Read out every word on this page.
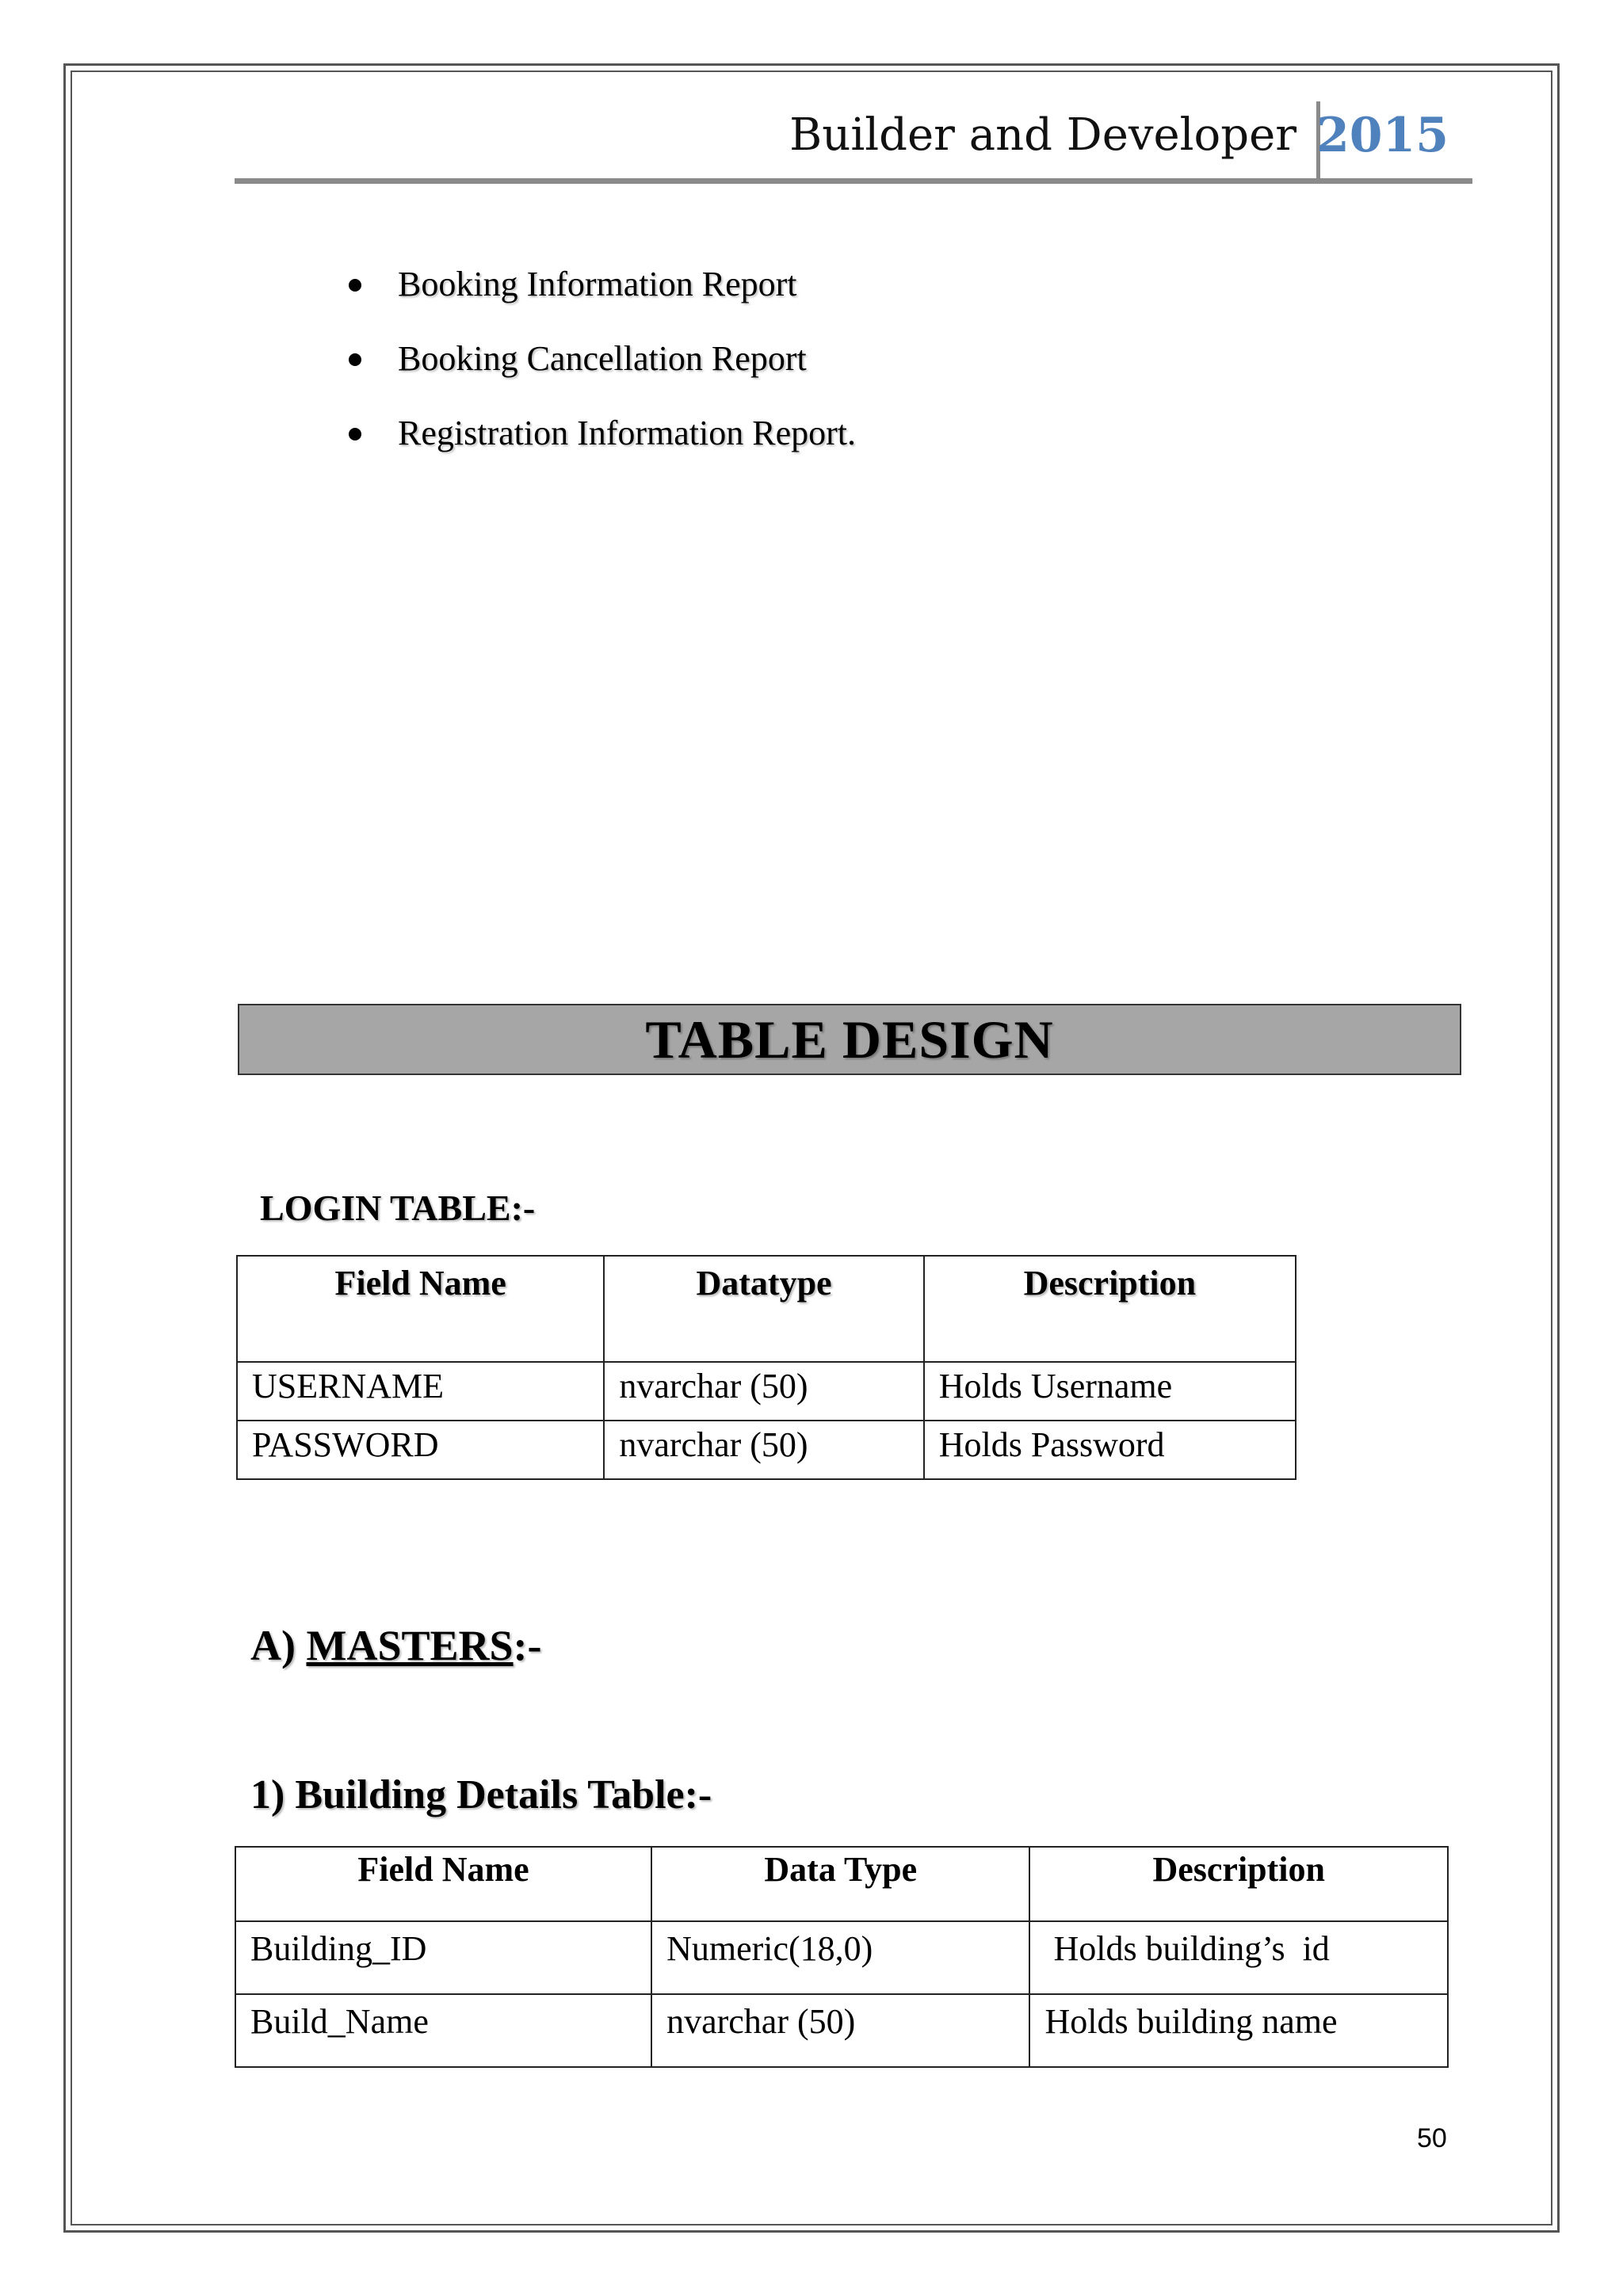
Builder and Developer 2015
Booking Information Report
Booking Cancellation Report
Registration Information Report.
TABLE DESIGN
LOGIN TABLE:-
Field Name	Datatype	Description
USERNAME	nvarchar (50)	Holds Username
PASSWORD	nvarchar (50)	Holds Password
A) MASTERS:-
1) Building Details Table:-
Field Name	Data Type	Description
Building_ID	Numeric(18,0)	Holds building’s  id
Build_Name	nvarchar (50)	Holds building name
50
